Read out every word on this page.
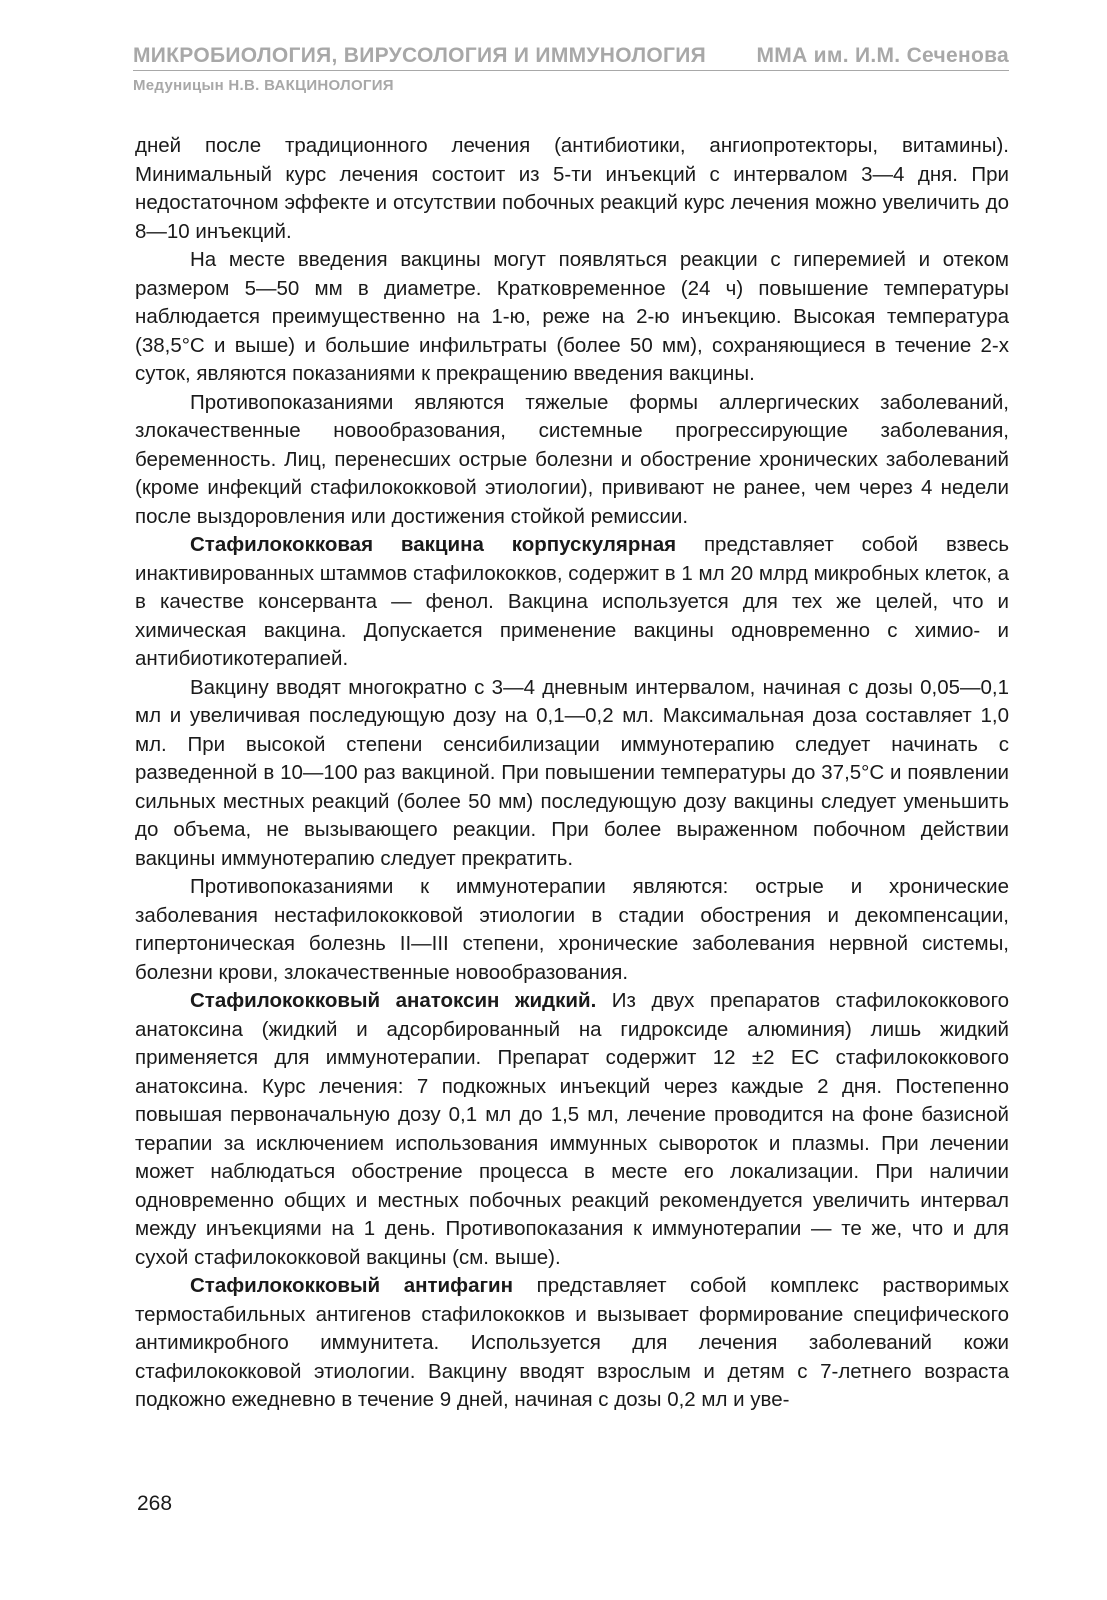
МИКРОБИОЛОГИЯ, ВИРУСОЛОГИЯ И ИММУНОЛОГИЯ ММА им. И.М. Сеченова
Медуницын Н.В. ВАКЦИНОЛОГИЯ

дней после традиционного лечения (антибиотики, ангиопротекторы, витамины). Минимальный курс лечения состоит из 5-ти инъекций с интервалом 3—4 дня. При недостаточном эффекте и отсутствии побочных реакций курс лечения можно увеличить до 8—10 инъекций.

На месте введения вакцины могут появляться реакции с гиперемией и отеком размером 5—50 мм в диаметре. Кратковременное (24 ч) повышение температуры наблюдается преимущественно на 1-ю, реже на 2-ю инъекцию. Высокая температура (38,5°С и выше) и большие инфильтраты (более 50 мм), сохраняющиеся в течение 2-х суток, являются показаниями к прекращению введения вакцины.

Противопоказаниями являются тяжелые формы аллергических заболеваний, злокачественные новообразования, системные прогрессирующие заболевания, беременность. Лиц, перенесших острые болезни и обострение хронических заболеваний (кроме инфекций стафилококковой этиологии), прививают не ранее, чем через 4 недели после выздоровления или достижения стойкой ремиссии.

Стафилококковая вакцина корпускулярная представляет собой взвесь инактивированных штаммов стафилококков, содержит в 1 мл 20 млрд микробных клеток, а в качестве консерванта — фенол. Вакцина используется для тех же целей, что и химическая вакцина. Допускается применение вакцины одновременно с химио- и антибиотикотерапией.

Вакцину вводят многократно с 3—4 дневным интервалом, начиная с дозы 0,05—0,1 мл и увеличивая последующую дозу на 0,1—0,2 мл. Максимальная доза составляет 1,0 мл. При высокой степени сенсибилизации иммунотерапию следует начинать с разведенной в 10—100 раз вакциной. При повышении температуры до 37,5°С и появлении сильных местных реакций (более 50 мм) последующую дозу вакцины следует уменьшить до объема, не вызывающего реакции. При более выраженном побочном действии вакцины иммунотерапию следует прекратить.

Противопоказаниями к иммунотерапии являются: острые и хронические заболевания нестафилококковой этиологии в стадии обострения и декомпенсации, гипертоническая болезнь II—III степени, хронические заболевания нервной системы, болезни крови, злокачественные новообразования.

Стафилококковый анатоксин жидкий. Из двух препаратов стафилококкового анатоксина (жидкий и адсорбированный на гидроксиде алюминия) лишь жидкий применяется для иммунотерапии. Препарат содержит 12 ±2 ЕС стафилококкового анатоксина. Курс лечения: 7 подкожных инъекций через каждые 2 дня. Постепенно повышая первоначальную дозу 0,1 мл до 1,5 мл, лечение проводится на фоне базисной терапии за исключением использования иммунных сывороток и плазмы. При лечении может наблюдаться обострение процесса в месте его локализации. При наличии одновременно общих и местных побочных реакций рекомендуется увеличить интервал между инъекциями на 1 день. Противопоказания к иммунотерапии — те же, что и для сухой стафилококковой вакцины (см. выше).

Стафилококковый антифагин представляет собой комплекс растворимых термостабильных антигенов стафилококков и вызывает формирование специфического антимикробного иммунитета. Используется для лечения заболеваний кожи стафилококковой этиологии. Вакцину вводят взрослым и детям с 7-летнего возраста подкожно ежедневно в течение 9 дней, начиная с дозы 0,2 мл и уве-

268
